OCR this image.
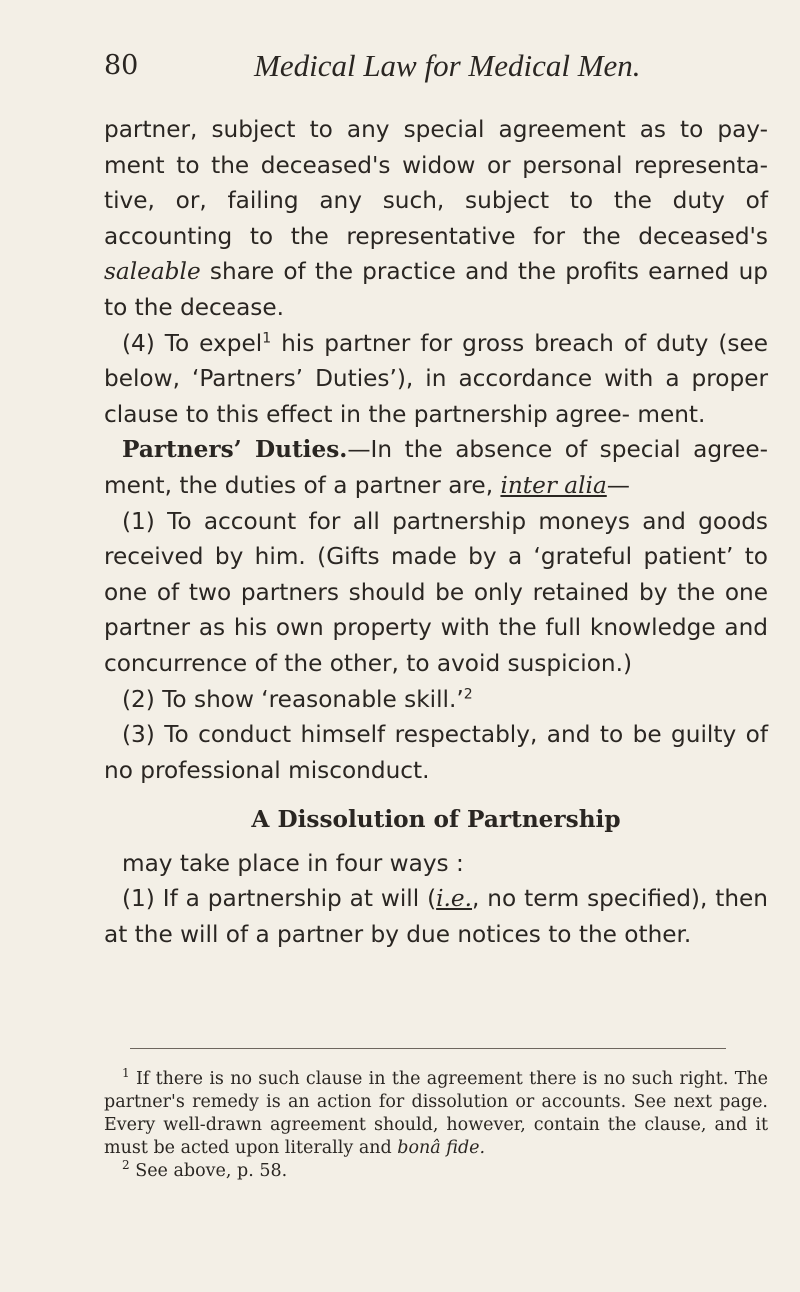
80	Medical Law for Medical Men.

partner, subject to any special agreement as to pay- ment to the deceased's widow or personal representa- tive, or, failing any such, subject to the duty of accounting to the representative for the deceased's saleable share of the practice and the profits earned up to the decease.

(4) To expel$^1$ his partner for gross breach of duty (see below, ‘Partners’ Duties’), in accordance with a proper clause to this effect in the partnership agree- ment.

Partners’ Duties.—In the absence of special agree- ment, the duties of a partner are, inter alia—

(1) To account for all partnership moneys and goods received by him. (Gifts made by a ‘grateful patient’ to one of two partners should be only retained by the one partner as his own property with the full knowledge and concurrence of the other, to avoid suspicion.)

(2) To show ‘reasonable skill.’$^2$

(3) To conduct himself respectably, and to be guilty of no professional misconduct.

A Dissolution of Partnership

may take place in four ways :

(1) If a partnership at will (i.e., no term specified), then at the will of a partner by due notices to the other.

$^1$ If there is no such clause in the agreement there is no such right. The partner's remedy is an action for dissolution or accounts. See next page. Every well-drawn agreement should, however, contain the clause, and it must be acted upon literally and bonâ fide.

$^2$ See above, p. 58.
